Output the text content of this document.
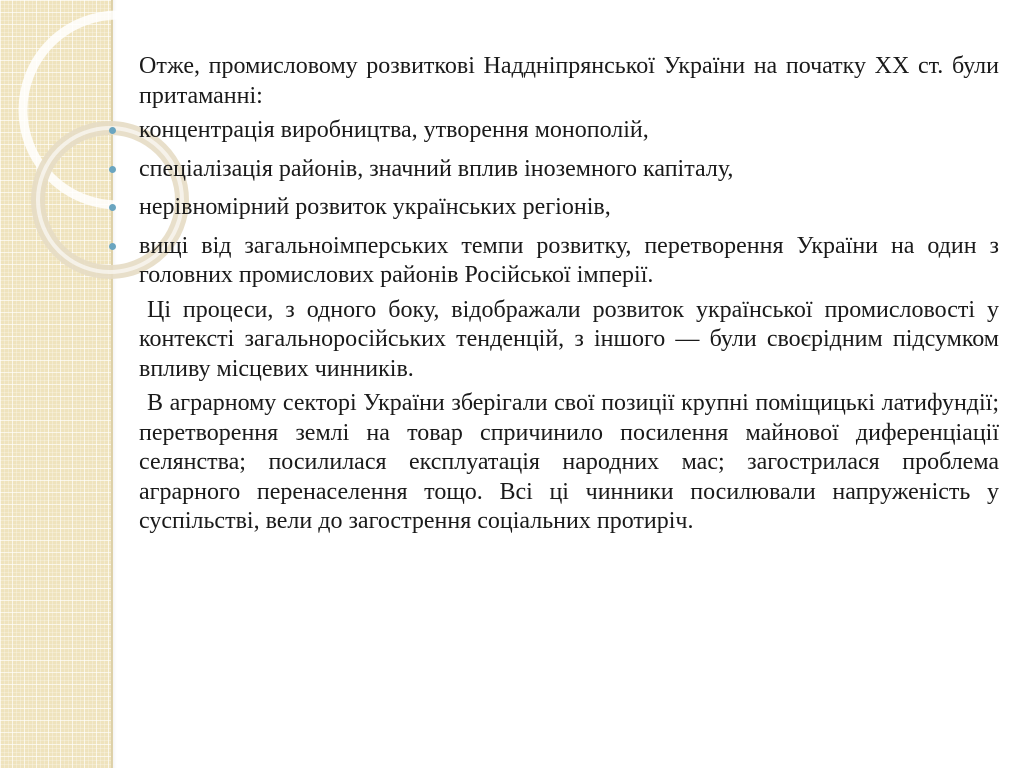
Отже, промисловому розвиткові Наддніпрянської України на початку XX ст. були притаманні:

концентрація виробництва, утворення монополій,
спеціалізація районів, значний вплив іноземного капіталу,
нерівномірний розвиток українських регіонів,
вищі від загальноімперських темпи розвитку, перетворення України на один з головних промислових районів Російської імперії.

Ці процеси, з одного боку, відображали розвиток української промисловості у контексті загальноросійських тенденцій, з іншого — були своєрідним підсумком впливу місцевих чинників.

В аграрному секторі України зберігали свої позиції крупні поміщицькі латифундії; перетворення землі на товар спричинило посилення майнової диференціації селянства; посилилася експлуатація народних мас; загострилася проблема аграрного перенаселення тощо. Всі ці чинники посилювали напруженість у суспільстві, вели до загострення соціальних протиріч.
